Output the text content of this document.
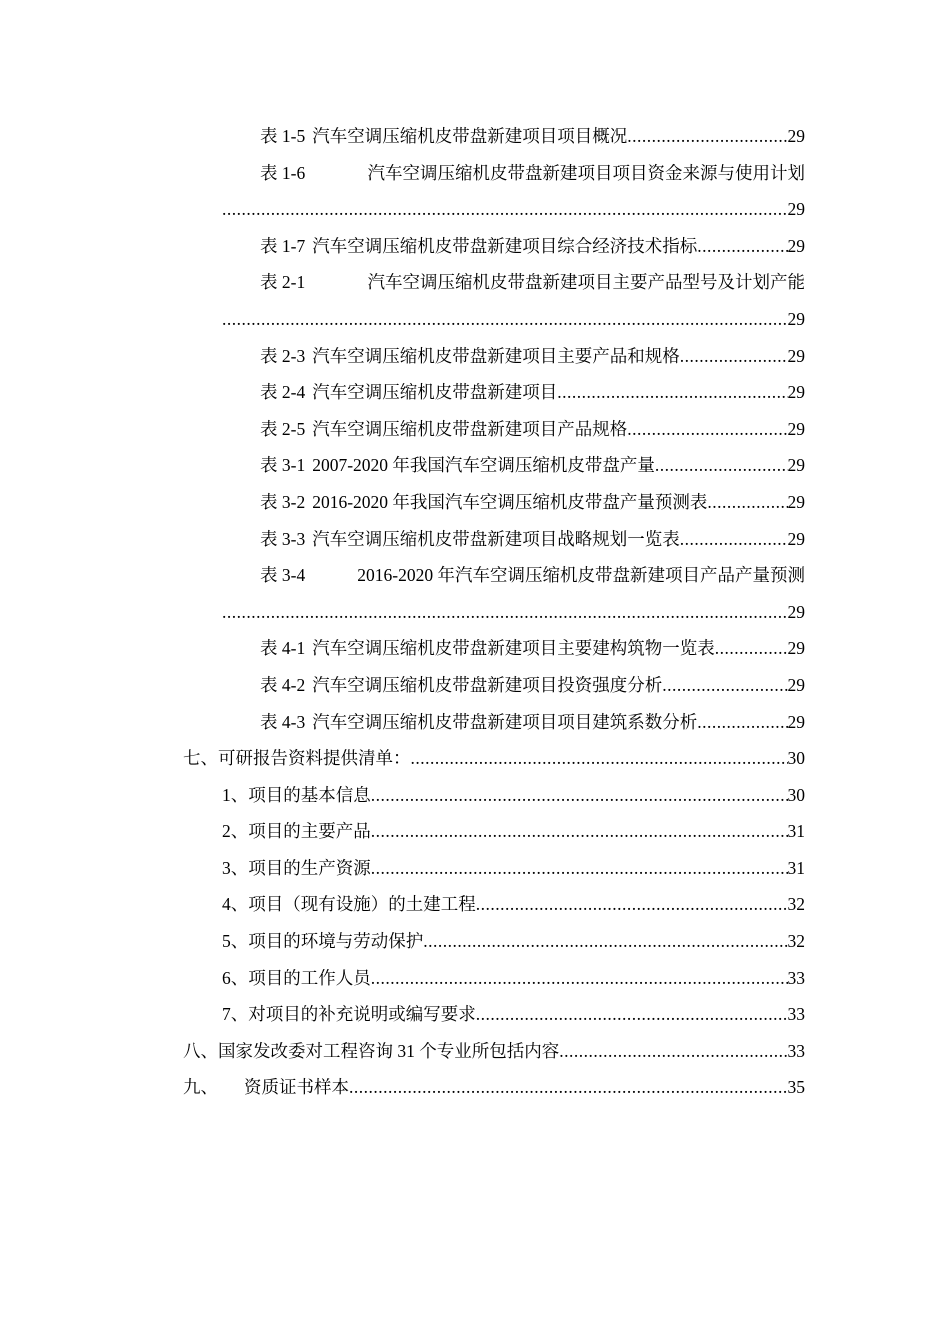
表 1-5 汽车空调压缩机皮带盘新建项目项目概况 .....	29
表 1-6	汽车空调压缩机皮带盘新建项目项目资金来源与使用计划
.....
29
表 1-7 汽车空调压缩机皮带盘新建项目综合经济技术指标 .....	29
表 2-1	汽车空调压缩机皮带盘新建项目主要产品型号及计划产能
.....
29
表 2-3 汽车空调压缩机皮带盘新建项目主要产品和规格 .....	29
表 2-4 汽车空调压缩机皮带盘新建项目 .....	29
表 2-5 汽车空调压缩机皮带盘新建项目产品规格 .....	29
表 3-1 2007-2020 年我国汽车空调压缩机皮带盘产量 .....	29
表 3-2 2016-2020 年我国汽车空调压缩机皮带盘产量预测表 .....	29
表 3-3 汽车空调压缩机皮带盘新建项目战略规划一览表 .....	29
表 3-4	2016-2020 年汽车空调压缩机皮带盘新建项目产品产量预测
.....
29
表 4-1 汽车空调压缩机皮带盘新建项目主要建构筑物一览表 .....	29
表 4-2 汽车空调压缩机皮带盘新建项目投资强度分析 .....	29
表 4-3 汽车空调压缩机皮带盘新建项目项目建筑系数分析 .....	29
七、可研报告资料提供清单： .....	30
1、项目的基本信息 .....	30
2、项目的主要产品 .....	31
3、项目的生产资源 .....	31
4、项目（现有设施）的土建工程 .....	32
5、项目的环境与劳动保护 .....	32
6、项目的工作人员 .....	33
7、对项目的补充说明或编写要求 .....	33
八、国家发改委对工程咨询 31 个专业所包括内容 .....	33
九、 资质证书样本 .....	35
